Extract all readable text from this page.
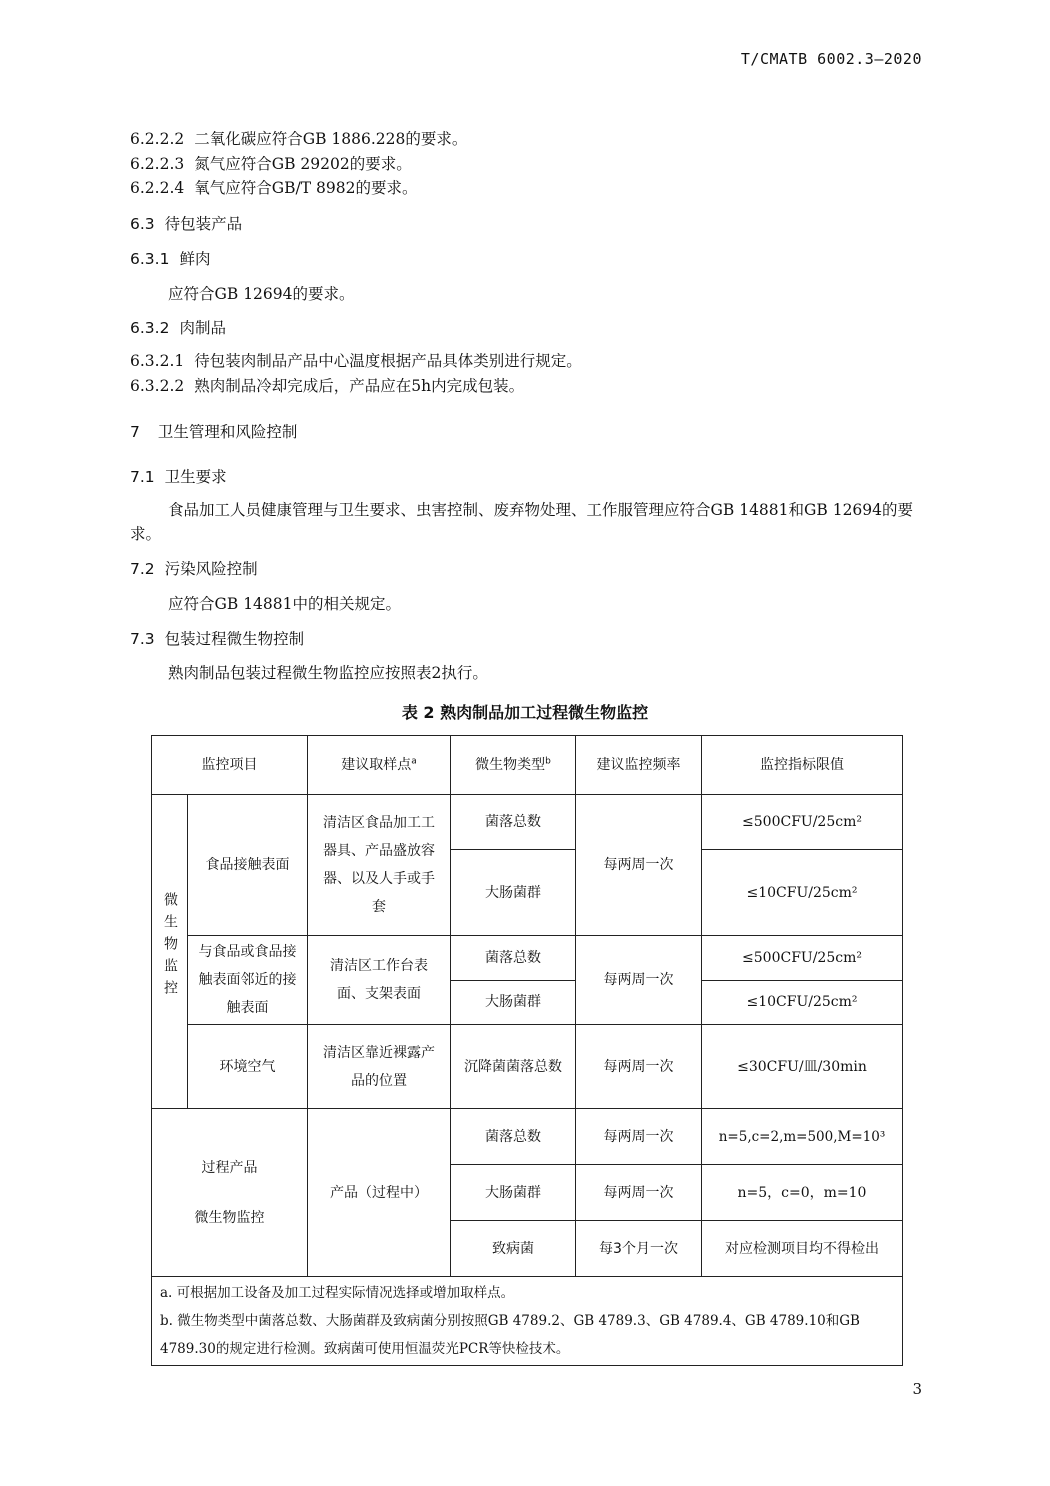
T/CMATB 6002.3—2020
6.2.2.2 二氧化碳应符合GB 1886.228的要求。
6.2.2.3 氮气应符合GB 29202的要求。
6.2.2.4 氧气应符合GB/T 8982的要求。
6.3 待包装产品
6.3.1 鲜肉
应符合GB 12694的要求。
6.3.2 肉制品
6.3.2.1 待包装肉制品产品中心温度根据产品具体类别进行规定。
6.3.2.2 熟肉制品冷却完成后，产品应在5h内完成包装。
7 卫生管理和风险控制
7.1 卫生要求
食品加工人员健康管理与卫生要求、虫害控制、废弃物处理、工作服管理应符合GB 14881和GB 12694的要求。
7.2 污染风险控制
应符合GB 14881中的相关规定。
7.3 包装过程微生物控制
熟肉制品包装过程微生物监控应按照表2执行。
表 2 熟肉制品加工过程微生物监控
监控项目		建议取样点$^a$	微生物类型$^b$	建议监控频率	监控指标限值
微生物监控	食品接触表面	清洁区食品加工工器具、产品盛放容器、以及人手或手套	菌落总数	每两周一次	≤500CFU/25cm²
			大肠菌群		≤10CFU/25cm²
	与食品或食品接触表面邻近的接触表面	清洁区工作台表面、支架表面	菌落总数	每两周一次	≤500CFU/25cm²
			大肠菌群		≤10CFU/25cm²
	环境空气	清洁区靠近裸露产品的位置	沉降菌菌落总数	每两周一次	≤30CFU/皿/30min

过程产品
微生物监控		产品（过程中）	菌落总数	每两周一次	n=5,c=2,m=500,M=10³
			大肠菌群	每两周一次	n=5，c=0，m=10
			致病菌	每3个月一次	对应检测项目均不得检出

a. 可根据加工设备及加工过程实际情况选择或增加取样点。
b. 微生物类型中菌落总数、大肠菌群及致病菌分别按照GB 4789.2、GB 4789.3、GB 4789.4、GB 4789.10和GB 4789.30的规定进行检测。致病菌可使用恒温荧光PCR等快检技术。					
3
